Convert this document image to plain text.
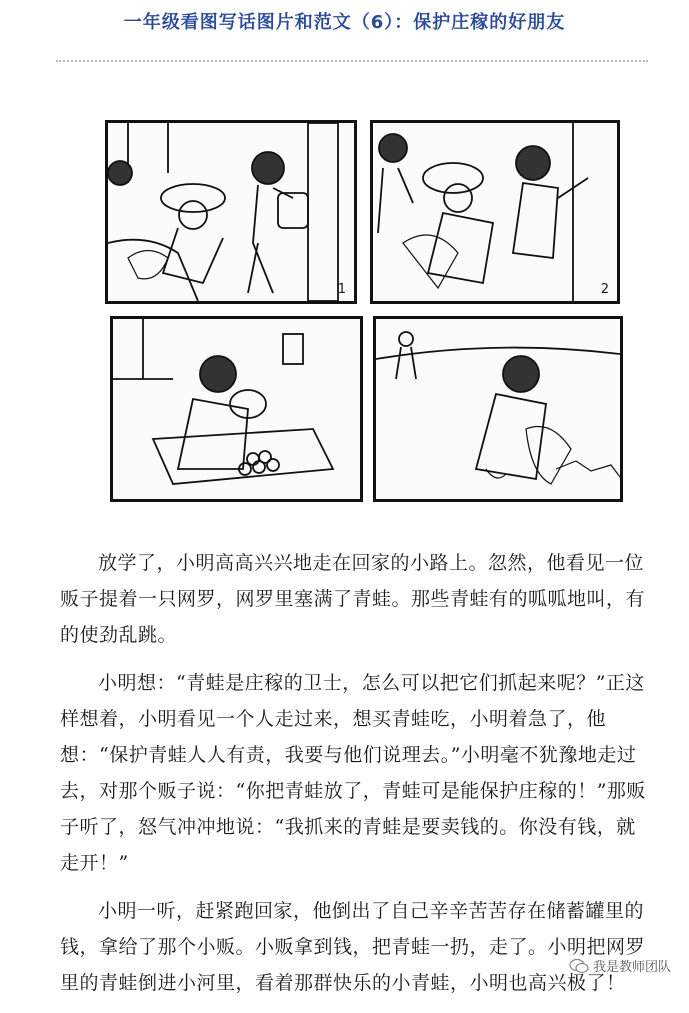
一年级看图写话图片和范文（6）：保护庄稼的好朋友
1	2

放学了，小明高高兴兴地走在回家的小路上。忽然，他看见一位贩子提着一只网罗，网罗里塞满了青蛙。那些青蛙有的呱呱地叫，有的使劲乱跳。

小明想：“青蛙是庄稼的卫士，怎么可以把它们抓起来呢？”正这样想着，小明看见一个人走过来，想买青蛙吃，小明着急了，他想：“保护青蛙人人有责，我要与他们说理去。”小明毫不犹豫地走过去，对那个贩子说：“你把青蛙放了，青蛙可是能保护庄稼的！”那贩子听了，怒气冲冲地说：“我抓来的青蛙是要卖钱的。你没有钱，就走开！”

小明一听，赶紧跑回家，他倒出了自己辛辛苦苦存在储蓄罐里的钱，拿给了那个小贩。小贩拿到钱，把青蛙一扔，走了。小明把网罗里的青蛙倒进小河里，看着那群快乐的小青蛙，小明也高兴极了！

我是教师团队
